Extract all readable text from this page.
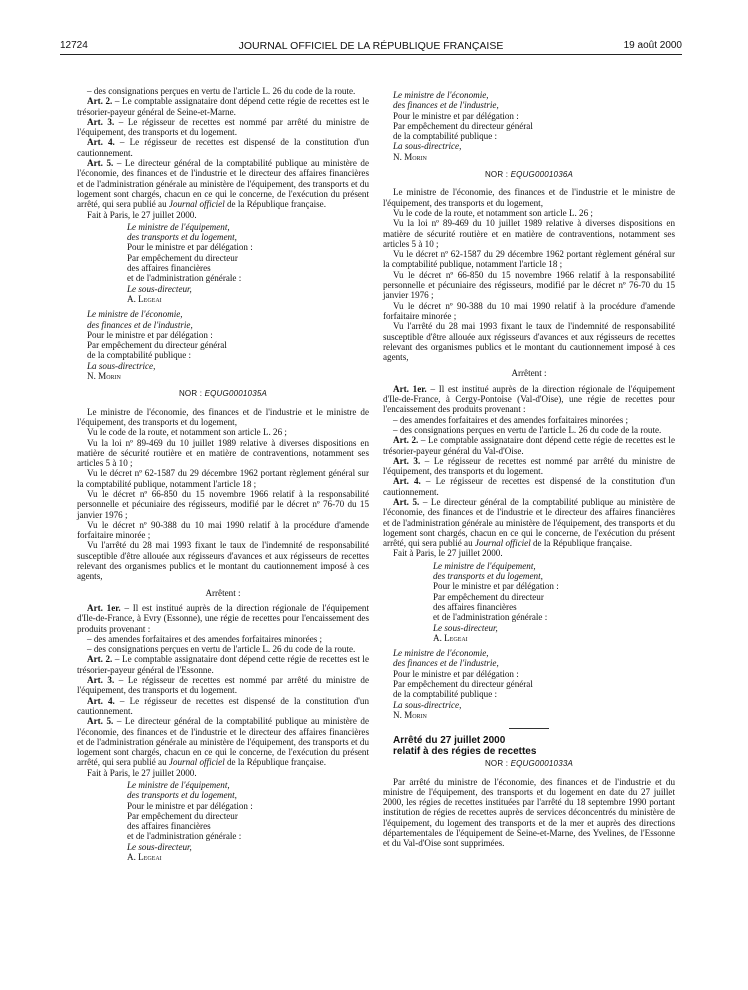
12724	JOURNAL OFFICIEL DE LA RÉPUBLIQUE FRANÇAISE	19 août 2000

– des consignations perçues en vertu de l'article L. 26 du code de la route.

Art. 2. – Le comptable assignataire dont dépend cette régie de recettes est le trésorier-payeur général de Seine-et-Marne.

Art. 3. – Le régisseur de recettes est nommé par arrêté du ministre de l'équipement, des transports et du logement.

Art. 4. – Le régisseur de recettes est dispensé de la constitution d'un cautionnement.

Art. 5. – Le directeur général de la comptabilité publique au ministère de l'économie, des finances et de l'industrie et le directeur des affaires financières et de l'administration générale au ministère de l'équipement, des transports et du logement sont chargés, chacun en ce qui le concerne, de l'exécution du présent arrêté, qui sera publié au Journal officiel de la République française.

Fait à Paris, le 27 juillet 2000.

Le ministre de l'équipement,

des transports et du logement,

Pour le ministre et par délégation :

Par empêchement du directeur

des affaires financières

et de l'administration générale :

Le sous-directeur,

A. Legeai

Le ministre de l'économie,

des finances et de l'industrie,

Pour le ministre et par délégation :

Par empêchement du directeur général

de la comptabilité publique :

La sous-directrice,

N. Morin

NOR : EQUG0001035A

Le ministre de l'économie, des finances et de l'industrie et le ministre de l'équipement, des transports et du logement,

Vu le code de la route, et notamment son article L. 26 ;

Vu la loi nº 89-469 du 10 juillet 1989 relative à diverses dispositions en matière de sécurité routière et en matière de contraventions, notamment ses articles 5 à 10 ;

Vu le décret nº 62-1587 du 29 décembre 1962 portant règlement général sur la comptabilité publique, notamment l'article 18 ;

Vu le décret nº 66-850 du 15 novembre 1966 relatif à la responsabilité personnelle et pécuniaire des régisseurs, modifié par le décret nº 76-70 du 15 janvier 1976 ;

Vu le décret nº 90-388 du 10 mai 1990 relatif à la procédure d'amende forfaitaire minorée ;

Vu l'arrêté du 28 mai 1993 fixant le taux de l'indemnité de responsabilité susceptible d'être allouée aux régisseurs d'avances et aux régisseurs de recettes relevant des organismes publics et le montant du cautionnement imposé à ces agents,

Arrêtent :

Art. 1er. – Il est institué auprès de la direction régionale de l'équipement d'Ile-de-France, à Evry (Essonne), une régie de recettes pour l'encaissement des produits provenant :

– des amendes forfaitaires et des amendes forfaitaires minorées ;

– des consignations perçues en vertu de l'article L. 26 du code de la route.

Art. 2. – Le comptable assignataire dont dépend cette régie de recettes est le trésorier-payeur général de l'Essonne.

Art. 3. – Le régisseur de recettes est nommé par arrêté du ministre de l'équipement, des transports et du logement.

Art. 4. – Le régisseur de recettes est dispensé de la constitution d'un cautionnement.

Art. 5. – Le directeur général de la comptabilité publique au ministère de l'économie, des finances et de l'industrie et le directeur des affaires financières et de l'administration générale au ministère de l'équipement, des transports et du logement sont chargés, chacun en ce qui le concerne, de l'exécution du présent arrêté, qui sera publié au Journal officiel de la République française.

Fait à Paris, le 27 juillet 2000.

Le ministre de l'équipement,

des transports et du logement,

Pour le ministre et par délégation :

Par empêchement du directeur

des affaires financières

et de l'administration générale :

Le sous-directeur,

A. Legeai

Le ministre de l'économie,

des finances et de l'industrie,

Pour le ministre et par délégation :

Par empêchement du directeur général

de la comptabilité publique :

La sous-directrice,

N. Morin

NOR : EQUG0001036A

Le ministre de l'économie, des finances et de l'industrie et le ministre de l'équipement, des transports et du logement,

Vu le code de la route, et notamment son article L. 26 ;

Vu la loi nº 89-469 du 10 juillet 1989 relative à diverses dispositions en matière de sécurité routière et en matière de contraventions, notamment ses articles 5 à 10 ;

Vu le décret nº 62-1587 du 29 décembre 1962 portant règlement général sur la comptabilité publique, notamment l'article 18 ;

Vu le décret nº 66-850 du 15 novembre 1966 relatif à la responsabilité personnelle et pécuniaire des régisseurs, modifié par le décret nº 76-70 du 15 janvier 1976 ;

Vu le décret nº 90-388 du 10 mai 1990 relatif à la procédure d'amende forfaitaire minorée ;

Vu l'arrêté du 28 mai 1993 fixant le taux de l'indemnité de responsabilité susceptible d'être allouée aux régisseurs d'avances et aux régisseurs de recettes relevant des organismes publics et le montant du cautionnement imposé à ces agents,

Arrêtent :

Art. 1er. – Il est institué auprès de la direction régionale de l'équipement d'Ile-de-France, à Cergy-Pontoise (Val-d'Oise), une régie de recettes pour l'encaissement des produits provenant :

– des amendes forfaitaires et des amendes forfaitaires minorées ;

– des consignations perçues en vertu de l'article L. 26 du code de la route.

Art. 2. – Le comptable assignataire dont dépend cette régie de recettes est le trésorier-payeur général du Val-d'Oise.

Art. 3. – Le régisseur de recettes est nommé par arrêté du ministre de l'équipement, des transports et du logement.

Art. 4. – Le régisseur de recettes est dispensé de la constitution d'un cautionnement.

Art. 5. – Le directeur général de la comptabilité publique au ministère de l'économie, des finances et de l'industrie et le directeur des affaires financières et de l'administration générale au ministère de l'équipement, des transports et du logement sont chargés, chacun en ce qui le concerne, de l'exécution du présent arrêté, qui sera publié au Journal officiel de la République française.

Fait à Paris, le 27 juillet 2000.

Le ministre de l'équipement,

des transports et du logement,

Pour le ministre et par délégation :

Par empêchement du directeur

des affaires financières

et de l'administration générale :

Le sous-directeur,

A. Legeai

Le ministre de l'économie,

des finances et de l'industrie,

Pour le ministre et par délégation :

Par empêchement du directeur général

de la comptabilité publique :

La sous-directrice,

N. Morin

Arrêté du 27 juillet 2000

relatif à des régies de recettes

NOR : EQUG0001033A

Par arrêté du ministre de l'économie, des finances et de l'industrie et du ministre de l'équipement, des transports et du logement en date du 27 juillet 2000, les régies de recettes instituées par l'arrêté du 18 septembre 1990 portant institution de régies de recettes auprès de services déconcentrés du ministère de l'équipement, du logement des transports et de la mer et auprès des directions départementales de l'équipement de Seine-et-Marne, des Yvelines, de l'Essonne et du Val-d'Oise sont supprimées.
